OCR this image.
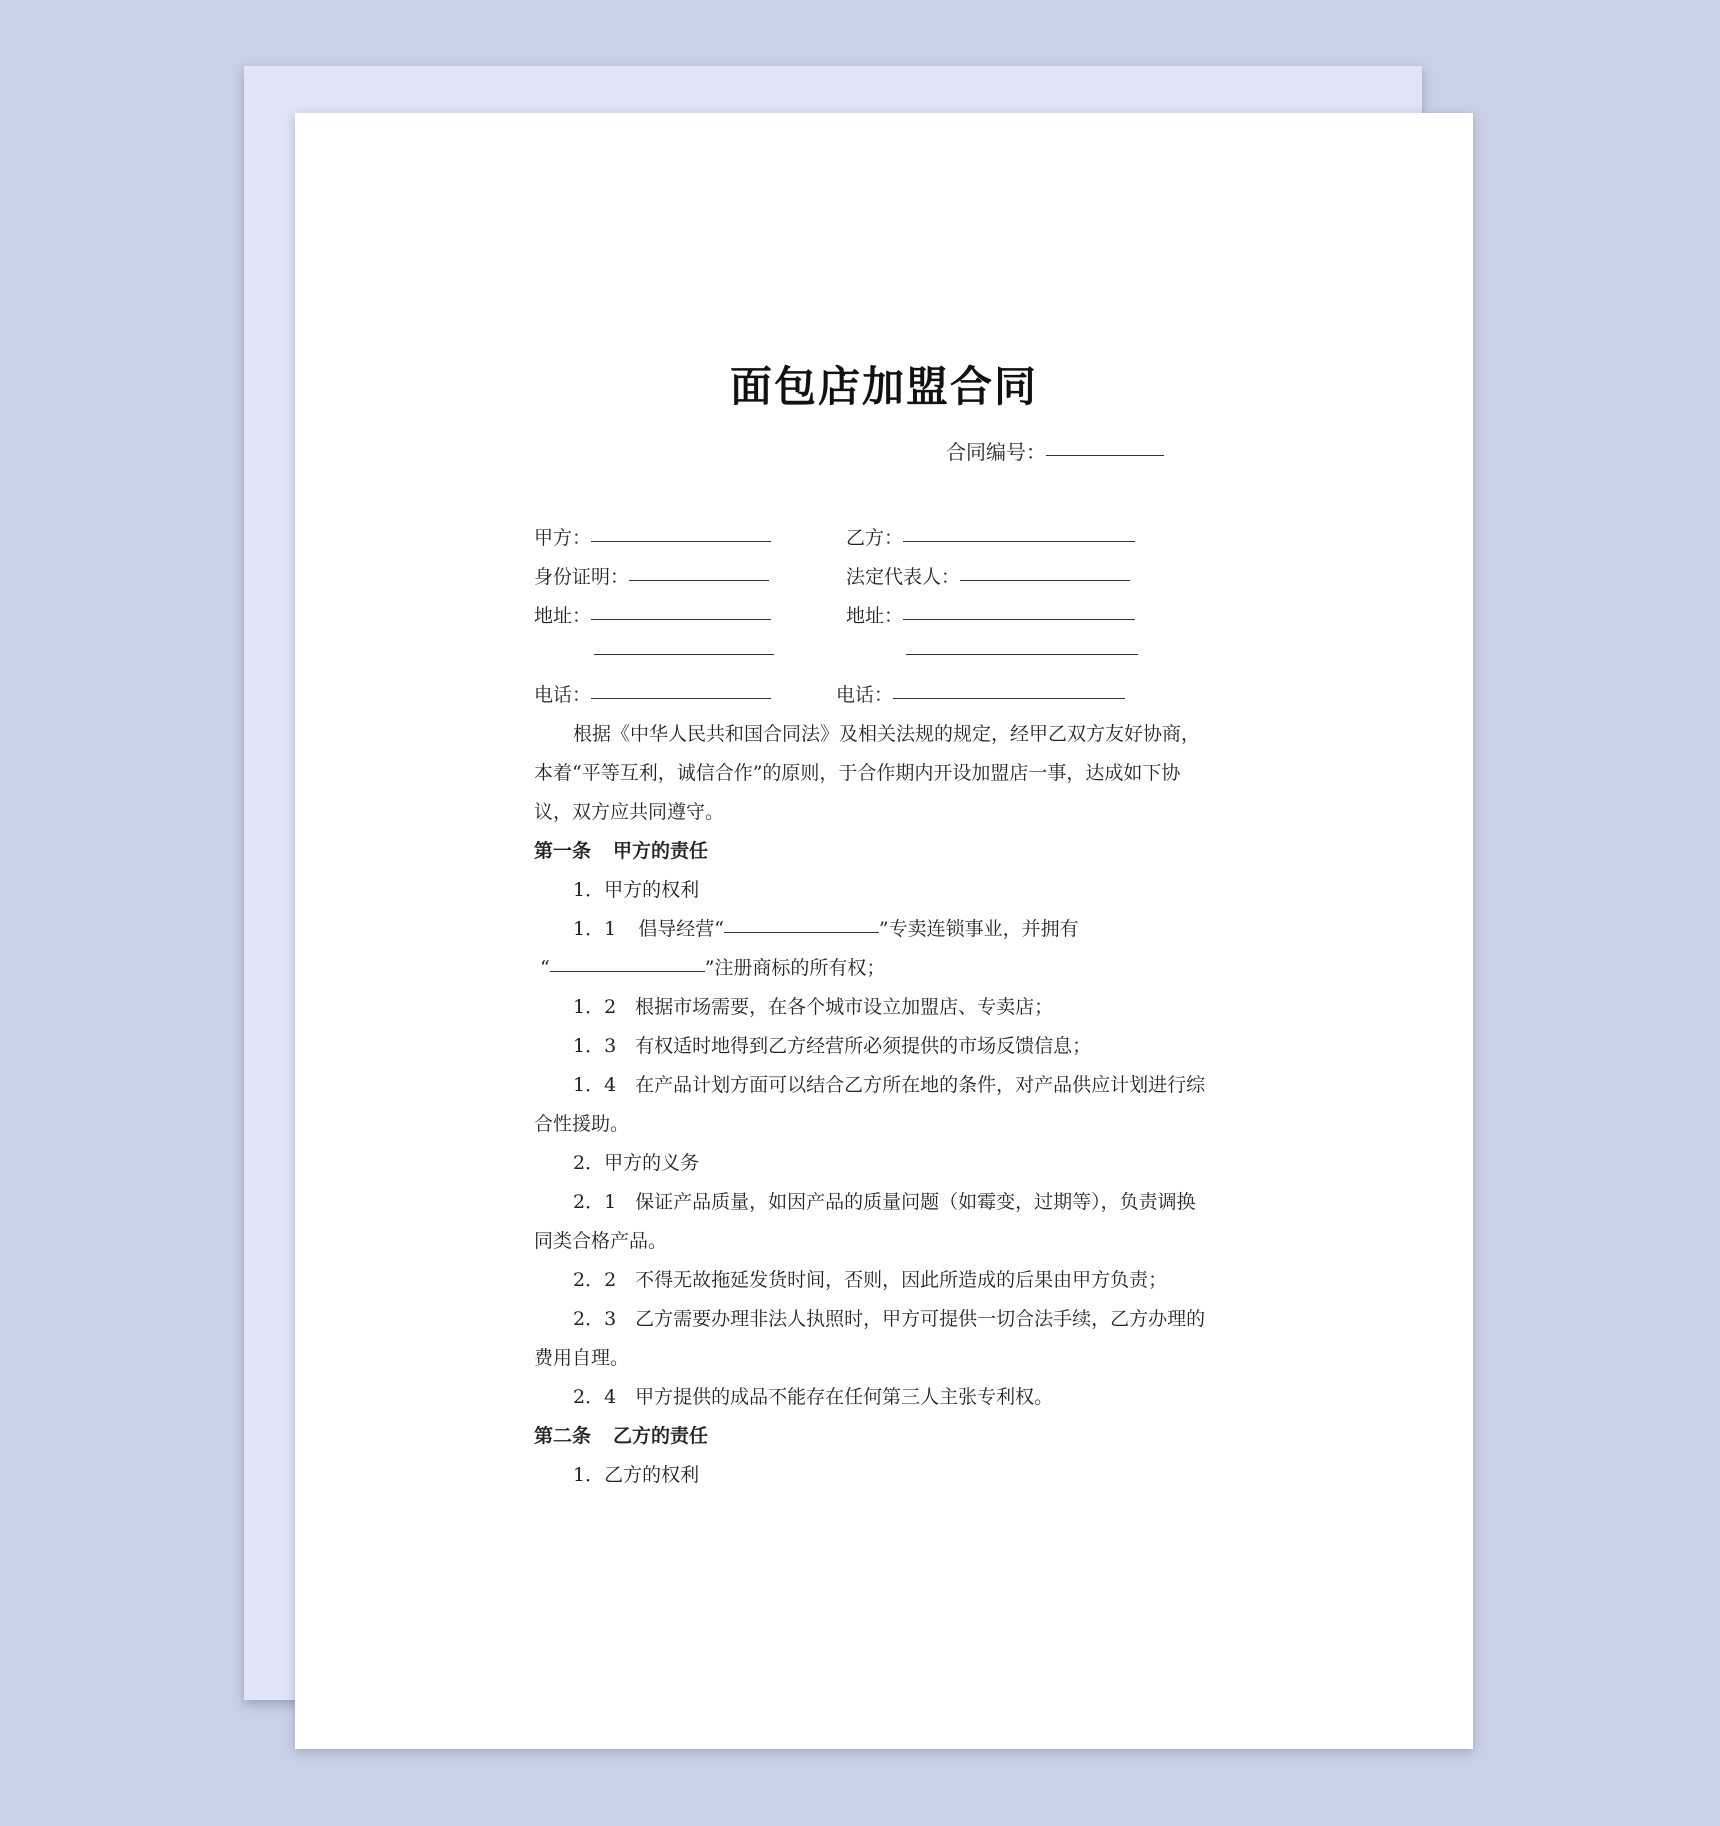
面包店加盟合同
合同编号：
甲方：	乙方：
身份证明：	法定代表人：
地址：	地址：
电话：	电话：
根据《中华人民共和国合同法》及相关法规的规定，经甲乙双方友好协商，
本着“平等互利，诚信合作”的原则，于合作期内开设加盟店一事，达成如下协
议，双方应共同遵守。
第一条 甲方的责任
1．甲方的权利
1．1 倡导经营“	”专卖连锁事业，并拥有
“	”注册商标的所有权；
1．2　根据市场需要，在各个城市设立加盟店、专卖店；
1．3　有权适时地得到乙方经营所必须提供的市场反馈信息；
1．4　在产品计划方面可以结合乙方所在地的条件，对产品供应计划进行综
合性援助。
2．甲方的义务
2．1　保证产品质量，如因产品的质量问题（如霉变，过期等），负责调换
同类合格产品。
2．2　不得无故拖延发货时间，否则，因此所造成的后果由甲方负责；
2．3　乙方需要办理非法人执照时，甲方可提供一切合法手续，乙方办理的
费用自理。
2．4　甲方提供的成品不能存在任何第三人主张专利权。
第二条 乙方的责任
1．乙方的权利
